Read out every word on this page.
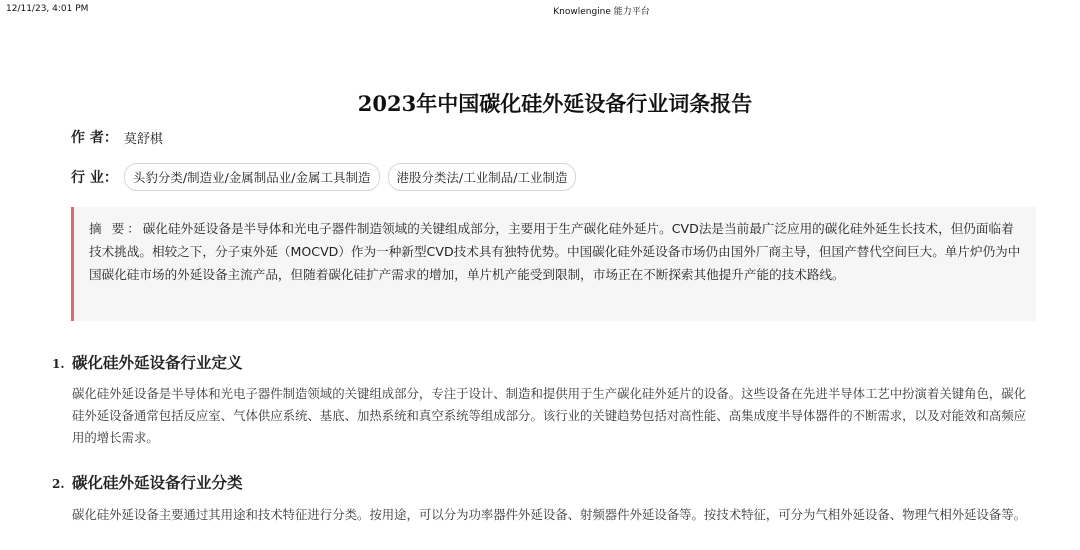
12/11/23, 4:01 PM	Knowlengine 能力平台
2023年中国碳化硅外延设备行业词条报告
作 者： 莫舒棋
行 业：	头豹分类/制造业/金属制品业/金属工具制造	港股分类法/工业制品/工业制造
摘 要：碳化硅外延设备是半导体和光电子器件制造领域的关键组成部分，主要用于生产碳化硅外延片。CVD法是当前最广泛应用的碳化硅外延生长技术，但仍面临着技术挑战。相较之下，分子束外延（MOCVD）作为一种新型CVD技术具有独特优势。中国碳化硅外延设备市场仍由国外厂商主导，但国产替代空间巨大。单片炉仍为中国碳化硅市场的外延设备主流产品，但随着碳化硅扩产需求的增加，单片机产能受到限制，市场正在不断探索其他提升产能的技术路线。
1. 碳化硅外延设备行业定义
碳化硅外延设备是半导体和光电子器件制造领域的关键组成部分，专注于设计、制造和提供用于生产碳化硅外延片的设备。这些设备在先进半导体工艺中扮演着关键角色，碳化硅外延设备通常包括反应室、气体供应系统、基底、加热系统和真空系统等组成部分。该行业的关键趋势包括对高性能、高集成度半导体器件的不断需求，以及对能效和高频应用的增长需求。
2. 碳化硅外延设备行业分类
碳化硅外延设备主要通过其用途和技术特征进行分类。按用途，可以分为功率器件外延设备、射频器件外延设备等。按技术特征，可分为气相外延设备、物理气相外延设备等。
